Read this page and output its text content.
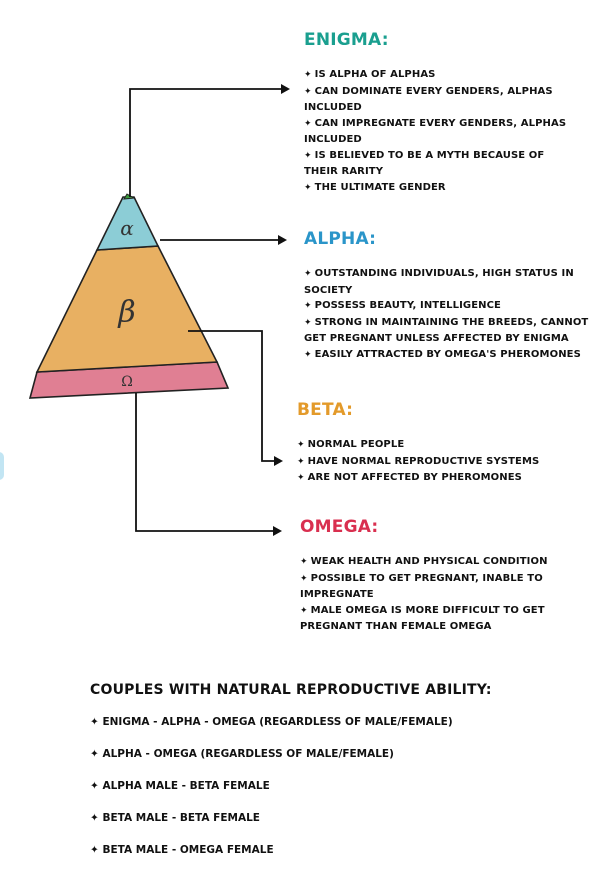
α
β
Ω
ENIGMA:
✦ IS ALPHA OF ALPHAS
✦ CAN DOMINATE EVERY GENDERS, ALPHAS INCLUDED
✦ CAN IMPREGNATE EVERY GENDERS, ALPHAS INCLUDED
✦ IS BELIEVED TO BE A MYTH BECAUSE OF THEIR RARITY
✦ THE ULTIMATE GENDER
ALPHA:
✦ OUTSTANDING INDIVIDUALS, HIGH STATUS IN SOCIETY
✦ POSSESS BEAUTY, INTELLIGENCE
✦ STRONG IN MAINTAINING THE BREEDS, CANNOT GET PREGNANT UNLESS AFFECTED BY ENIGMA
✦ EASILY ATTRACTED BY OMEGA'S PHEROMONES
BETA:
✦ NORMAL PEOPLE
✦ HAVE NORMAL REPRODUCTIVE SYSTEMS
✦ ARE NOT AFFECTED BY PHEROMONES
OMEGA:
✦ WEAK HEALTH AND PHYSICAL CONDITION
✦ POSSIBLE TO GET PREGNANT, INABLE TO IMPREGNATE
✦ MALE OMEGA IS MORE DIFFICULT TO GET PREGNANT THAN FEMALE OMEGA
COUPLES WITH NATURAL REPRODUCTIVE ABILITY:
✦ ENIGMA - ALPHA - OMEGA (REGARDLESS OF MALE/FEMALE)
✦ ALPHA - OMEGA (REGARDLESS OF MALE/FEMALE)
✦ ALPHA MALE - BETA FEMALE
✦ BETA MALE - BETA FEMALE
✦ BETA MALE - OMEGA FEMALE
